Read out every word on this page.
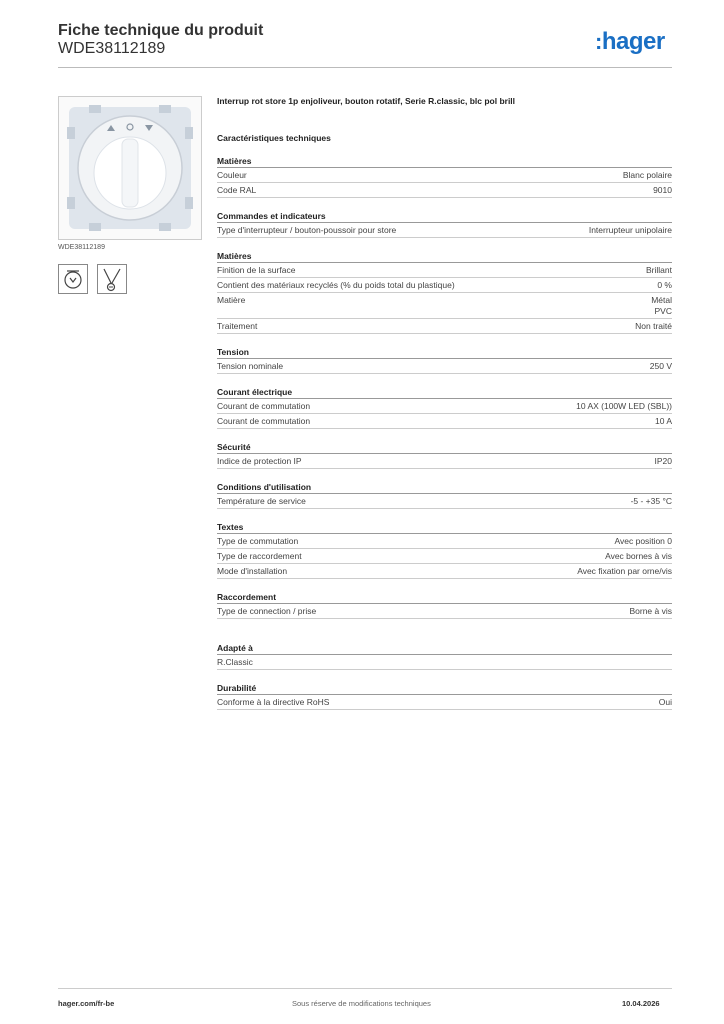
Fiche technique du produit
WDE38112189	:hager
WDE38112189
Interrup rot store 1p enjoliveur, bouton rotatif, Serie R.classic, blc pol brill
Caractéristiques techniques
Matières
Couleur	Blanc polaire
Code RAL	9010
Commandes et indicateurs
Type d'interrupteur / bouton-poussoir pour store	Interrupteur unipolaire
Matières
Finition de la surface	Brillant
Contient des matériaux recyclés (% du poids total du plastique)	0 %
Matière	Métal
PVC
Traitement	Non traité
Tension
Tension nominale	250 V
Courant électrique
Courant de commutation	10 AX (100W LED (SBL))
Courant de commutation	10 A
Sécurité
Indice de protection IP	IP20
Conditions d'utilisation
Température de service	-5 - +35 °C
Textes
Type de commutation	Avec position 0
Type de raccordement	Avec bornes à vis
Mode d'installation	Avec fixation par orne/vis
Raccordement
Type de connection / prise	Borne à vis
Adapté à
R.Classic
Durabilité
Conforme à la directive RoHS	Oui
hager.com/fr-be	Sous réserve de modifications techniques	10.04.2026
